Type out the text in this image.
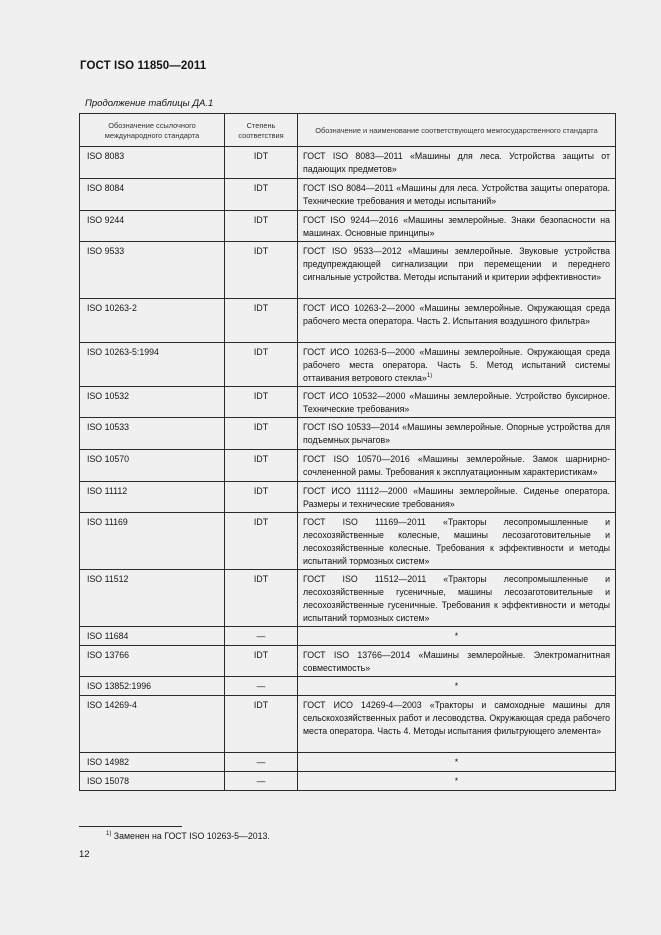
ГОСТ ISO 11850—2011
Продолжение таблицы ДА.1
Обозначение ссылочного международного стандарта	Степень соответствия	Обозначение и наименование соответствующего межгосударственного стандарта
ISO 8083	IDT	ГОСТ ISO 8083—2011 «Машины для леса. Устройства защиты от падающих предметов»
ISO 8084	IDT	ГОСТ ISO 8084—2011 «Машины для леса. Устройства защиты оператора. Технические требования и методы испытаний»
ISO 9244	IDT	ГОСТ ISO 9244—2016 «Машины землеройные. Знаки безопасности на машинах. Основные принципы»
ISO 9533	IDT	ГОСТ ISO 9533—2012 «Машины землеройные. Звуковые устройства предупреждающей сигнализации при перемещении и переднего сигнальные устройства. Методы испытаний и критерии эффективности»
ISO 10263-2	IDT	ГОСТ ИСО 10263-2—2000 «Машины землеройные. Окружающая среда рабочего места оператора. Часть 2. Испытания воздушного фильтра»
ISO 10263-5:1994	IDT	ГОСТ ИСО 10263-5—2000 «Машины землеройные. Окружающая среда рабочего места оператора. Часть 5. Метод испытаний системы оттаивания ветрового стекла»$^{1)}$
ISO 10532	IDT	ГОСТ ИСО 10532—2000 «Машины землеройные. Устройство буксирное. Технические требования»
ISO 10533	IDT	ГОСТ ISO 10533—2014 «Машины землеройные. Опорные устройства для подъемных рычагов»
ISO 10570	IDT	ГОСТ ISO 10570—2016 «Машины землеройные. Замок шарнирно-сочлененной рамы. Требования к эксплуатационным характеристикам»
ISO 11112	IDT	ГОСТ ИСО 11112—2000 «Машины землеройные. Сиденье оператора. Размеры и технические требования»
ISO 11169	IDT	ГОСТ ISO 11169—2011 «Тракторы лесопромышленные и лесохозяйственные колесные, машины лесозаготовительные и лесохозяйственные колесные. Требования к эффективности и методы испытаний тормозных систем»
ISO 11512	IDT	ГОСТ ISO 11512—2011 «Тракторы лесопромышленные и лесохозяйственные гусеничные, машины лесозаготовительные и лесохозяйственные гусеничные. Требования к эффективности и методы испытаний тормозных систем»
ISO 11684	—	*
ISO 13766	IDT	ГОСТ ISO 13766—2014 «Машины землеройные. Электромагнитная совместимость»
ISO 13852:1996	—	*
ISO 14269-4	IDT	ГОСТ ИСО 14269-4—2003 «Тракторы и самоходные машины для сельскохозяйственных работ и лесоводства. Окружающая среда рабочего места оператора. Часть 4. Методы испытания фильтрующего элемента»
ISO 14982	—	*
ISO 15078	—	*
$^{1)}$ Заменен на ГОСТ ISO 10263-5—2013.
12
